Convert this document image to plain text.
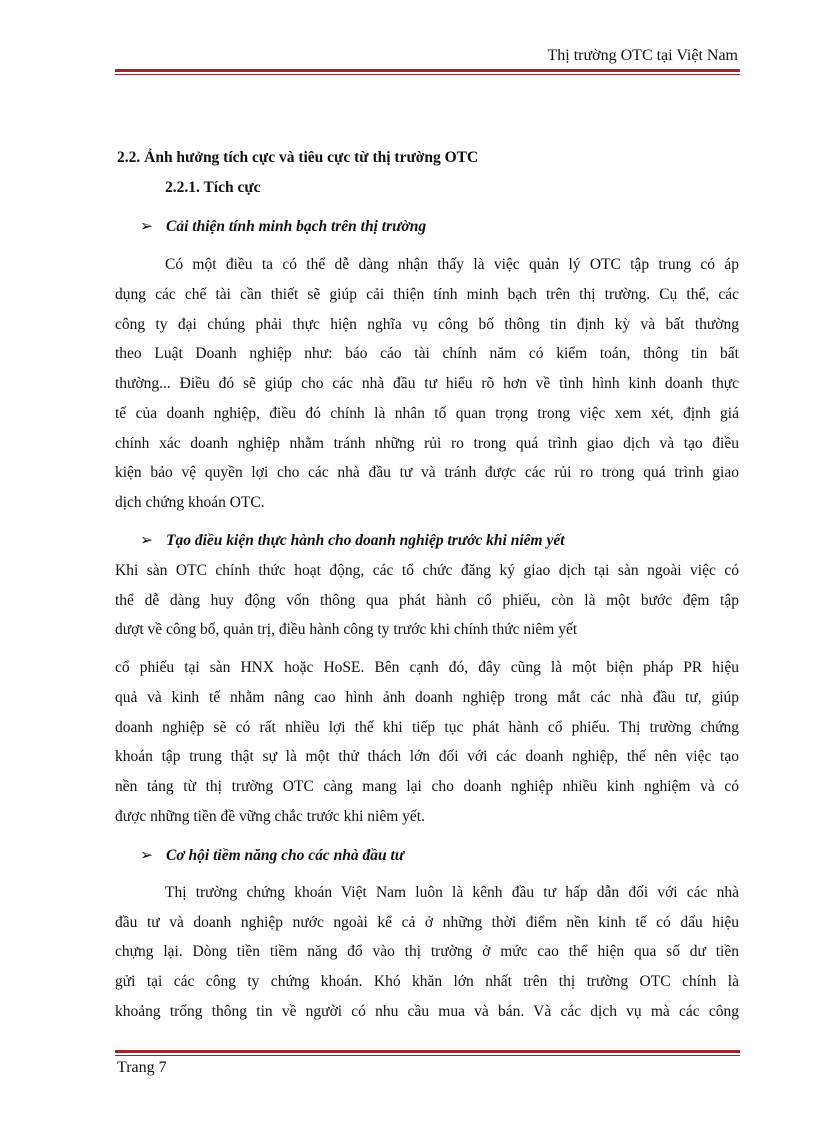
Thị trường OTC tại Việt Nam
2.2. Ảnh hưởng tích cực và tiêu cực từ thị trường OTC
2.2.1. Tích cực
➢ Cải thiện tính minh bạch trên thị trường
Có một điều ta có thể dễ dàng nhận thấy là việc quản lý OTC tập trung có áp
dụng các chế tài cần thiết sẽ giúp cải thiện tính minh bạch trên thị trường. Cụ thể, các
công ty đại chúng phải thực hiện nghĩa vụ công bố thông tin định kỳ và bất thường
theo Luật Doanh nghiệp như: báo cáo tài chính năm có kiểm toán, thông tin bất
thường... Điều đó sẽ giúp cho các nhà đầu tư hiểu rõ hơn về tình hình kinh doanh thực
tế của doanh nghiệp, điều đó chính là nhân tố quan trọng trong việc xem xét, định giá
chính xác doanh nghiệp nhằm tránh những rủi ro trong quá trình giao dịch và tạo điều
kiện bảo vệ quyền lợi cho các nhà đầu tư và tránh được các rủi ro trong quá trình giao
dịch chứng khoán OTC.
➢ Tạo điều kiện thực hành cho doanh nghiệp trước khi niêm yết
Khi sàn OTC chính thức hoạt động, các tổ chức đăng ký giao dịch tại sàn ngoài việc có
thể dễ dàng huy động vốn thông qua phát hành cổ phiếu, còn là một bước đệm tập
dượt về công bố, quản trị, điều hành công ty trước khi chính thức niêm yết
cổ phiếu tại sàn HNX hoặc HoSE. Bên cạnh đó, đây cũng là một biện pháp PR hiệu
quả và kinh tế nhằm nâng cao hình ảnh doanh nghiệp trong mắt các nhà đầu tư, giúp
doanh nghiệp sẽ có rất nhiều lợi thế khi tiếp tục phát hành cổ phiếu. Thị trường chứng
khoán tập trung thật sự là một thử thách lớn đối với các doanh nghiệp, thế nên việc tạo
nền tảng từ thị trường OTC càng mang lại cho doanh nghiệp nhiều kinh nghiệm và có
được những tiền đề vững chắc trước khi niêm yết.
➢ Cơ hội tiềm năng cho các nhà đầu tư
Thị trường chứng khoán Việt Nam luôn là kênh đầu tư hấp dẫn đối với các nhà
đầu tư và doanh nghiệp nước ngoài kể cả ở những thời điểm nền kinh tế có dấu hiệu
chựng lại. Dòng tiền tiềm năng đổ vào thị trường ở mức cao thể hiện qua số dư tiền
gửi tại các công ty chứng khoán. Khó khăn lớn nhất trên thị trường OTC chính là
khoảng trống thông tin về người có nhu cầu mua và bán. Và các dịch vụ mà các công
Trang 7
